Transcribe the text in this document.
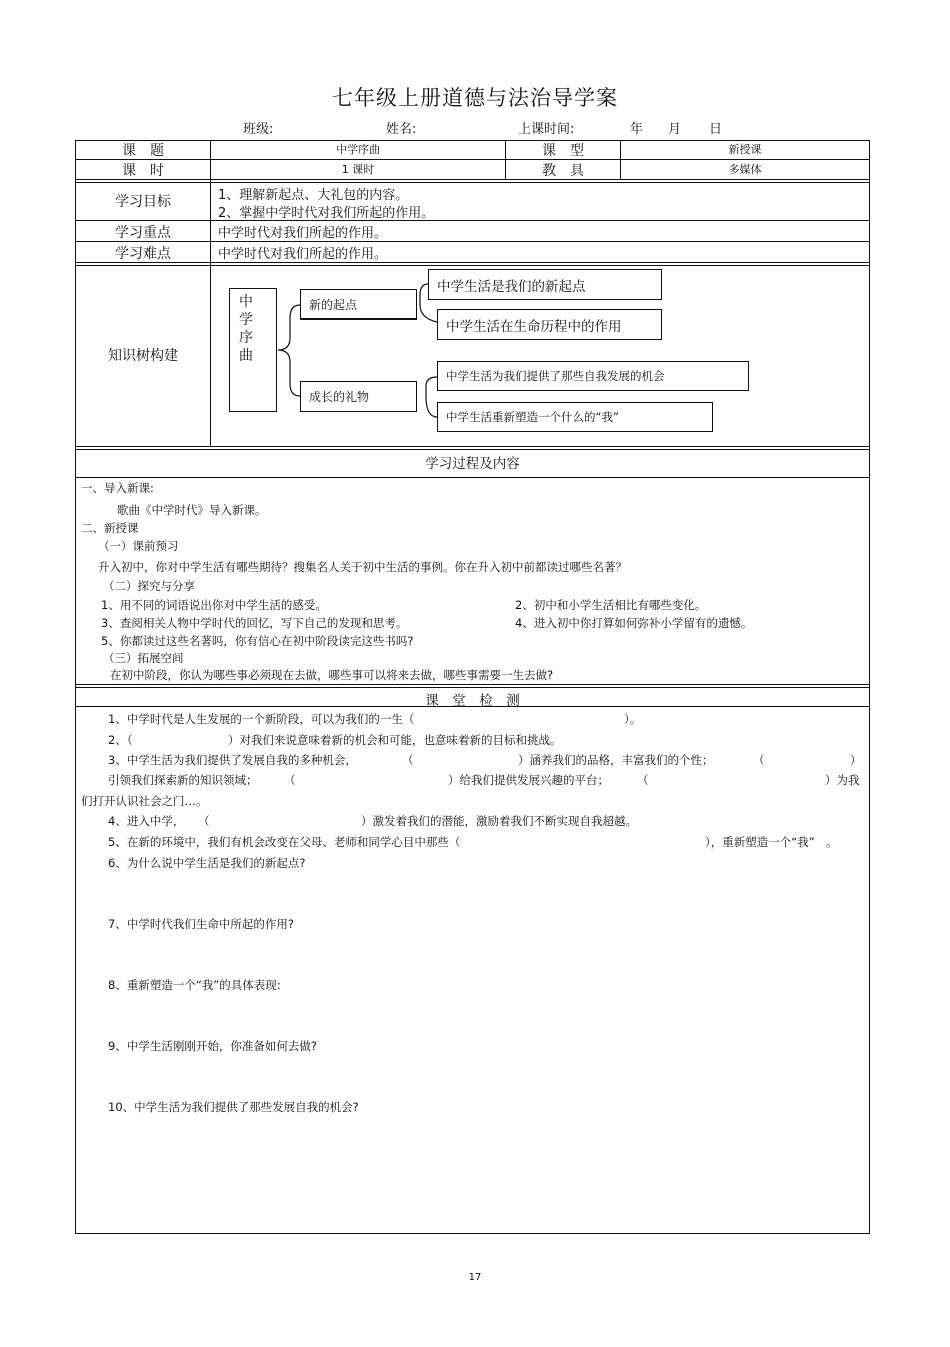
七年级上册道德与法治导学案
班级:	姓名:	上课时间:	年 月 日
课　题	中学序曲	课　型	新授课
课　时	1 课时	教　具	多媒体
学习目标	1、理解新起点、大礼包的内容。
2、掌握中学时代对我们所起的作用。
学习重点	中学时代对我们所起的作用。
学习难点	中学时代对我们所起的作用。
知识树构建
中学序曲
新的起点
成长的礼物
中学生活是我们的新起点
中学生活在生命历程中的作用
中学生活为我们提供了那些自我发展的机会
中学生活重新塑造一个什么的“我”
学习过程及内容
一、导入新课:
歌曲《中学时代》导入新课。
二、新授课
（一）课前预习
升入初中，你对中学生活有哪些期待？搜集名人关于初中生活的事例。你在升入初中前都读过哪些名著？
（二）探究与分享
1、用不同的词语说出你对中学生活的感受。	2、初中和小学生活相比有哪些变化。
3、查阅相关人物中学时代的回忆，写下自己的发现和思考。	4、进入初中你打算如何弥补小学留有的遗憾。
5、你都读过这些名著吗，你有信心在初中阶段读完这些书吗?
（三）拓展空间
在初中阶段，你认为哪些事必须现在去做，哪些事可以将来去做，哪些事需要一生去做?
课　堂　检　测
1、中学时代是人生发展的一个新阶段，可以为我们的一生（	）。
2、（	）对我们来说意味着新的机会和可能，也意味着新的目标和挑战。
3、中学生活为我们提供了发展自我的多种机会，	（	）涵养我们的品格，丰富我们的个性；	（	）
引领我们探索新的知识领域； （	）给我们提供发展兴趣的平台； （	）为我
们打开认识社会之门…。
4、进入中学， （	）激发着我们的潜能，激励着我们不断实现自我超越。
5、在新的环境中，我们有机会改变在父母、老师和同学心目中那些（	），重新塑造一个“我”　。
6、为什么说中学生活是我们的新起点?
7、中学时代我们生命中所起的作用?
8、重新塑造一个“我”的具体表现:
9、中学生活刚刚开始，你准备如何去做?
10、中学生活为我们提供了那些发展自我的机会?
17
